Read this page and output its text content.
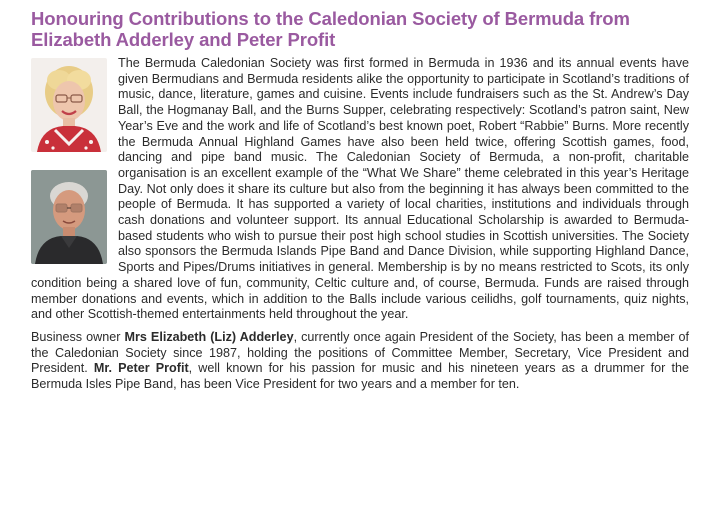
Honouring Contributions to the Caledonian Society of Bermuda from Elizabeth Adderley and Peter Profit

The Bermuda Caledonian Society was first formed in Bermuda in 1936 and its annual events have given Bermudians and Bermuda residents alike the opportunity to participate in Scotland’s traditions of music, dance, literature, games and cuisine. Events include fundraisers such as the St. Andrew’s Day Ball, the Hogmanay Ball, and the Burns Supper, celebrating respectively: Scotland’s patron saint, New Year’s Eve and the work and life of Scotland’s best known poet, Robert “Rabbie” Burns. More recently the Bermuda Annual Highland Games have also been held twice, offering Scottish games, food, dancing and pipe band music. The Caledonian Society of Bermuda, a non-profit, charitable organisation is an excellent example of the “What We Share” theme celebrated in this year’s Heritage Day. Not only does it share its culture but also from the beginning it has always been committed to the people of Bermuda. It has supported a variety of local charities, institutions and individuals through cash donations and volunteer support. Its annual Educational Scholarship is awarded to Bermuda-based students who wish to pursue their post high school studies in Scottish universities. The Society also sponsors the Bermuda Islands Pipe Band and Dance Division, while supporting Highland Dance, Sports and Pipes/Drums initiatives in general. Membership is by no means restricted to Scots, its only condition being a shared love of fun, community, Celtic culture and, of course, Bermuda. Funds are raised through member donations and events, which in addition to the Balls include various ceilidhs, golf tournaments, quiz nights, and other Scottish-themed entertainments held throughout the year.

Business owner Mrs Elizabeth (Liz) Adderley, currently once again President of the Society, has been a member of the Caledonian Society since 1987, holding the positions of Committee Member, Secretary, Vice President and President. Mr. Peter Profit, well known for his passion for music and his nineteen years as a drummer for the Bermuda Isles Pipe Band, has been Vice President for two years and a member for ten.
